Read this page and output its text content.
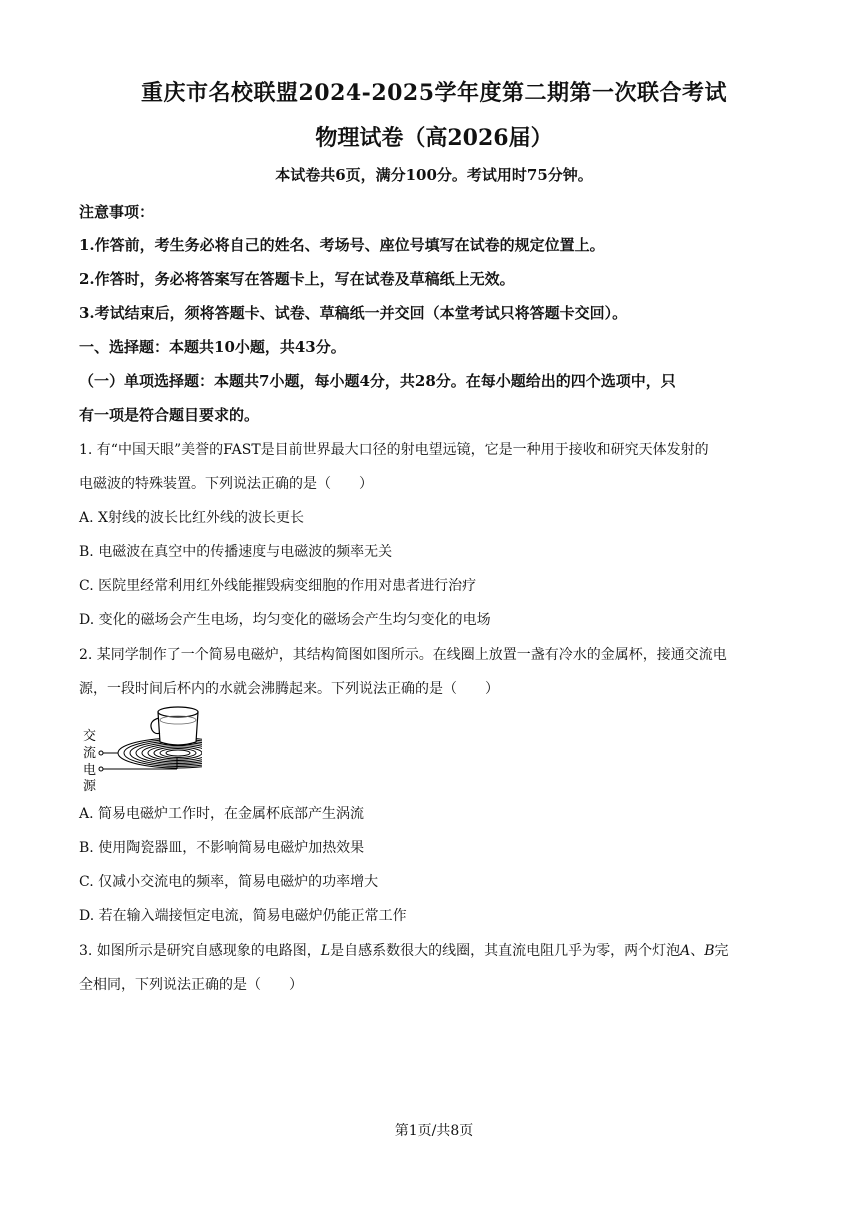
重庆市名校联盟2024-2025学年度第二期第一次联合考试
物理试卷（高2026届）
本试卷共6页，满分100分。考试用时75分钟。
注意事项：
1.作答前，考生务必将自己的姓名、考场号、座位号填写在试卷的规定位置上。
2.作答时，务必将答案写在答题卡上，写在试卷及草稿纸上无效。
3.考试结束后，须将答题卡、试卷、草稿纸一并交回（本堂考试只将答题卡交回）。
一、选择题：本题共10小题，共43分。
（一）单项选择题：本题共7小题，每小题4分，共28分。在每小题给出的四个选项中，只
有一项是符合题目要求的。
1. 有“中国天眼”美誉的FAST是目前世界最大口径的射电望远镜，它是一种用于接收和研究天体发射的
电磁波的特殊装置。下列说法正确的是（　　）
A. X射线的波长比红外线的波长更长
B. 电磁波在真空中的传播速度与电磁波的频率无关
C. 医院里经常利用红外线能摧毁病变细胞的作用对患者进行治疗
D. 变化的磁场会产生电场，均匀变化的磁场会产生均匀变化的电场
2. 某同学制作了一个简易电磁炉，其结构简图如图所示。在线圈上放置一盏有冷水的金属杯，接通交流电
源，一段时间后杯内的水就会沸腾起来。下列说法正确的是（　　）
交
流
电
源
A. 简易电磁炉工作时，在金属杯底部产生涡流
B. 使用陶瓷器皿，不影响简易电磁炉加热效果
C. 仅减小交流电的频率，简易电磁炉的功率增大
D. 若在输入端接恒定电流，简易电磁炉仍能正常工作
3. 如图所示是研究自感现象的电路图，L是自感系数很大的线圈，其直流电阻几乎为零，两个灯泡A、B完
全相同，下列说法正确的是（　　）
第1页/共8页
